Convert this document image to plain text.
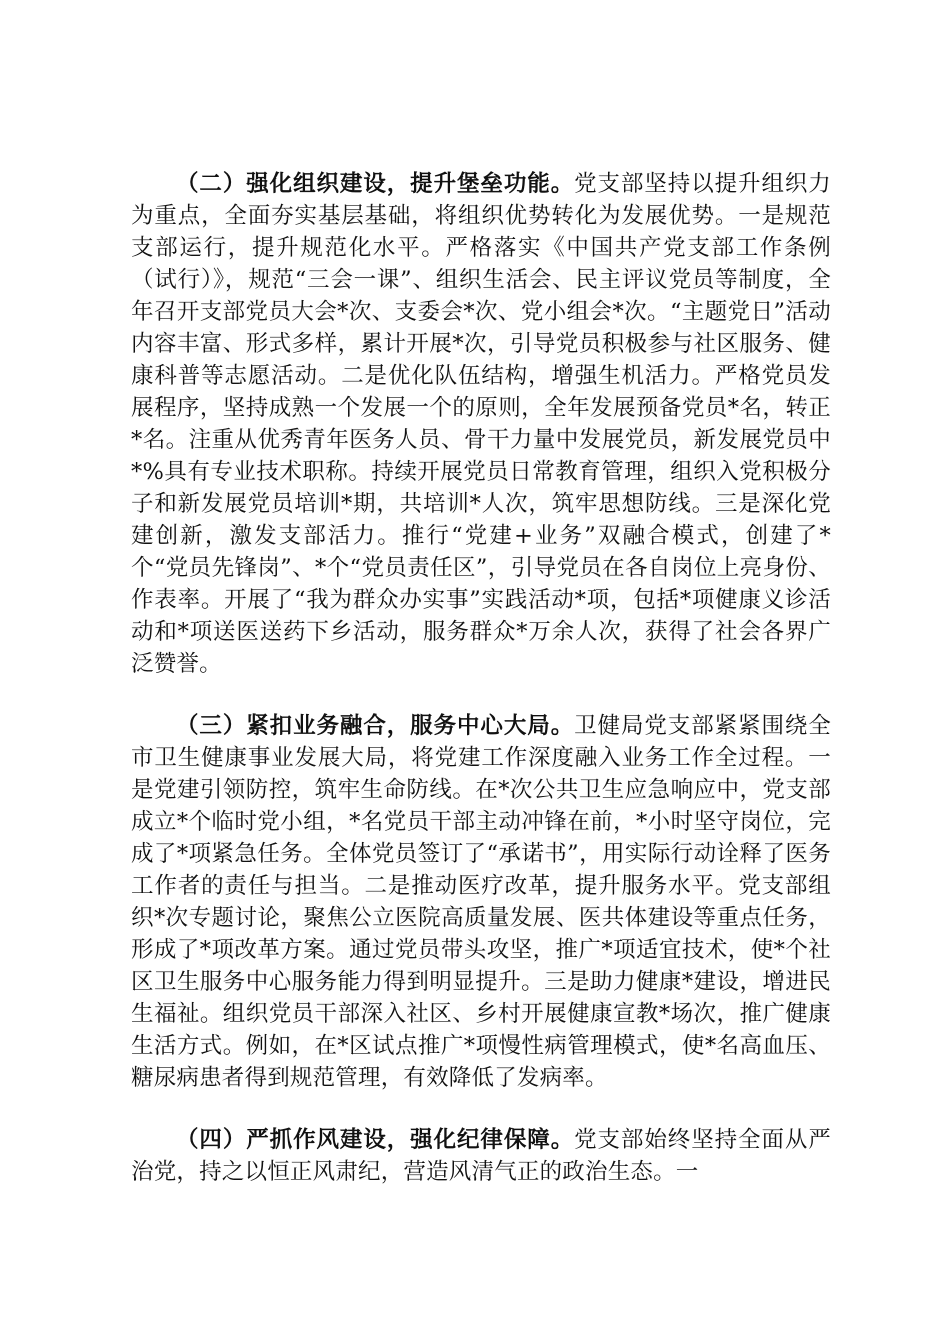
（二）强化组织建设，提升堡垒功能。党支部坚持以提升组织力为重点，全面夯实基层基础，将组织优势转化为发展优势。一是规范支部运行，提升规范化水平。严格落实《中国共产党支部工作条例（试行）》，规范“三会一课”、组织生活会、民主评议党员等制度，全年召开支部党员大会*次、支委会*次、党小组会*次。“主题党日”活动内容丰富、形式多样，累计开展*次，引导党员积极参与社区服务、健康科普等志愿活动。二是优化队伍结构，增强生机活力。严格党员发展程序，坚持成熟一个发展一个的原则，全年发展预备党员*名，转正*名。注重从优秀青年医务人员、骨干力量中发展党员，新发展党员中*%具有专业技术职称。持续开展党员日常教育管理，组织入党积极分子和新发展党员培训*期，共培训*人次，筑牢思想防线。三是深化党建创新，激发支部活力。推行“党建+业务”双融合模式，创建了*个“党员先锋岗”、*个“党员责任区”，引导党员在各自岗位上亮身份、作表率。开展了“我为群众办实事”实践活动*项，包括*项健康义诊活动和*项送医送药下乡活动，服务群众*万余人次，获得了社会各界广泛赞誉。

（三）紧扣业务融合，服务中心大局。卫健局党支部紧紧围绕全市卫生健康事业发展大局，将党建工作深度融入业务工作全过程。一是党建引领防控，筑牢生命防线。在*次公共卫生应急响应中，党支部成立*个临时党小组，*名党员干部主动冲锋在前，*小时坚守岗位，完成了*项紧急任务。全体党员签订了“承诺书”，用实际行动诠释了医务工作者的责任与担当。二是推动医疗改革，提升服务水平。党支部组织*次专题讨论，聚焦公立医院高质量发展、医共体建设等重点任务，形成了*项改革方案。通过党员带头攻坚，推广*项适宜技术，使*个社区卫生服务中心服务能力得到明显提升。三是助力健康*建设，增进民生福祉。组织党员干部深入社区、乡村开展健康宣教*场次，推广健康生活方式。例如，在*区试点推广*项慢性病管理模式，使*名高血压、糖尿病患者得到规范管理，有效降低了发病率。

（四）严抓作风建设，强化纪律保障。党支部始终坚持全面从严治党，持之以恒正风肃纪，营造风清气正的政治生态。一
